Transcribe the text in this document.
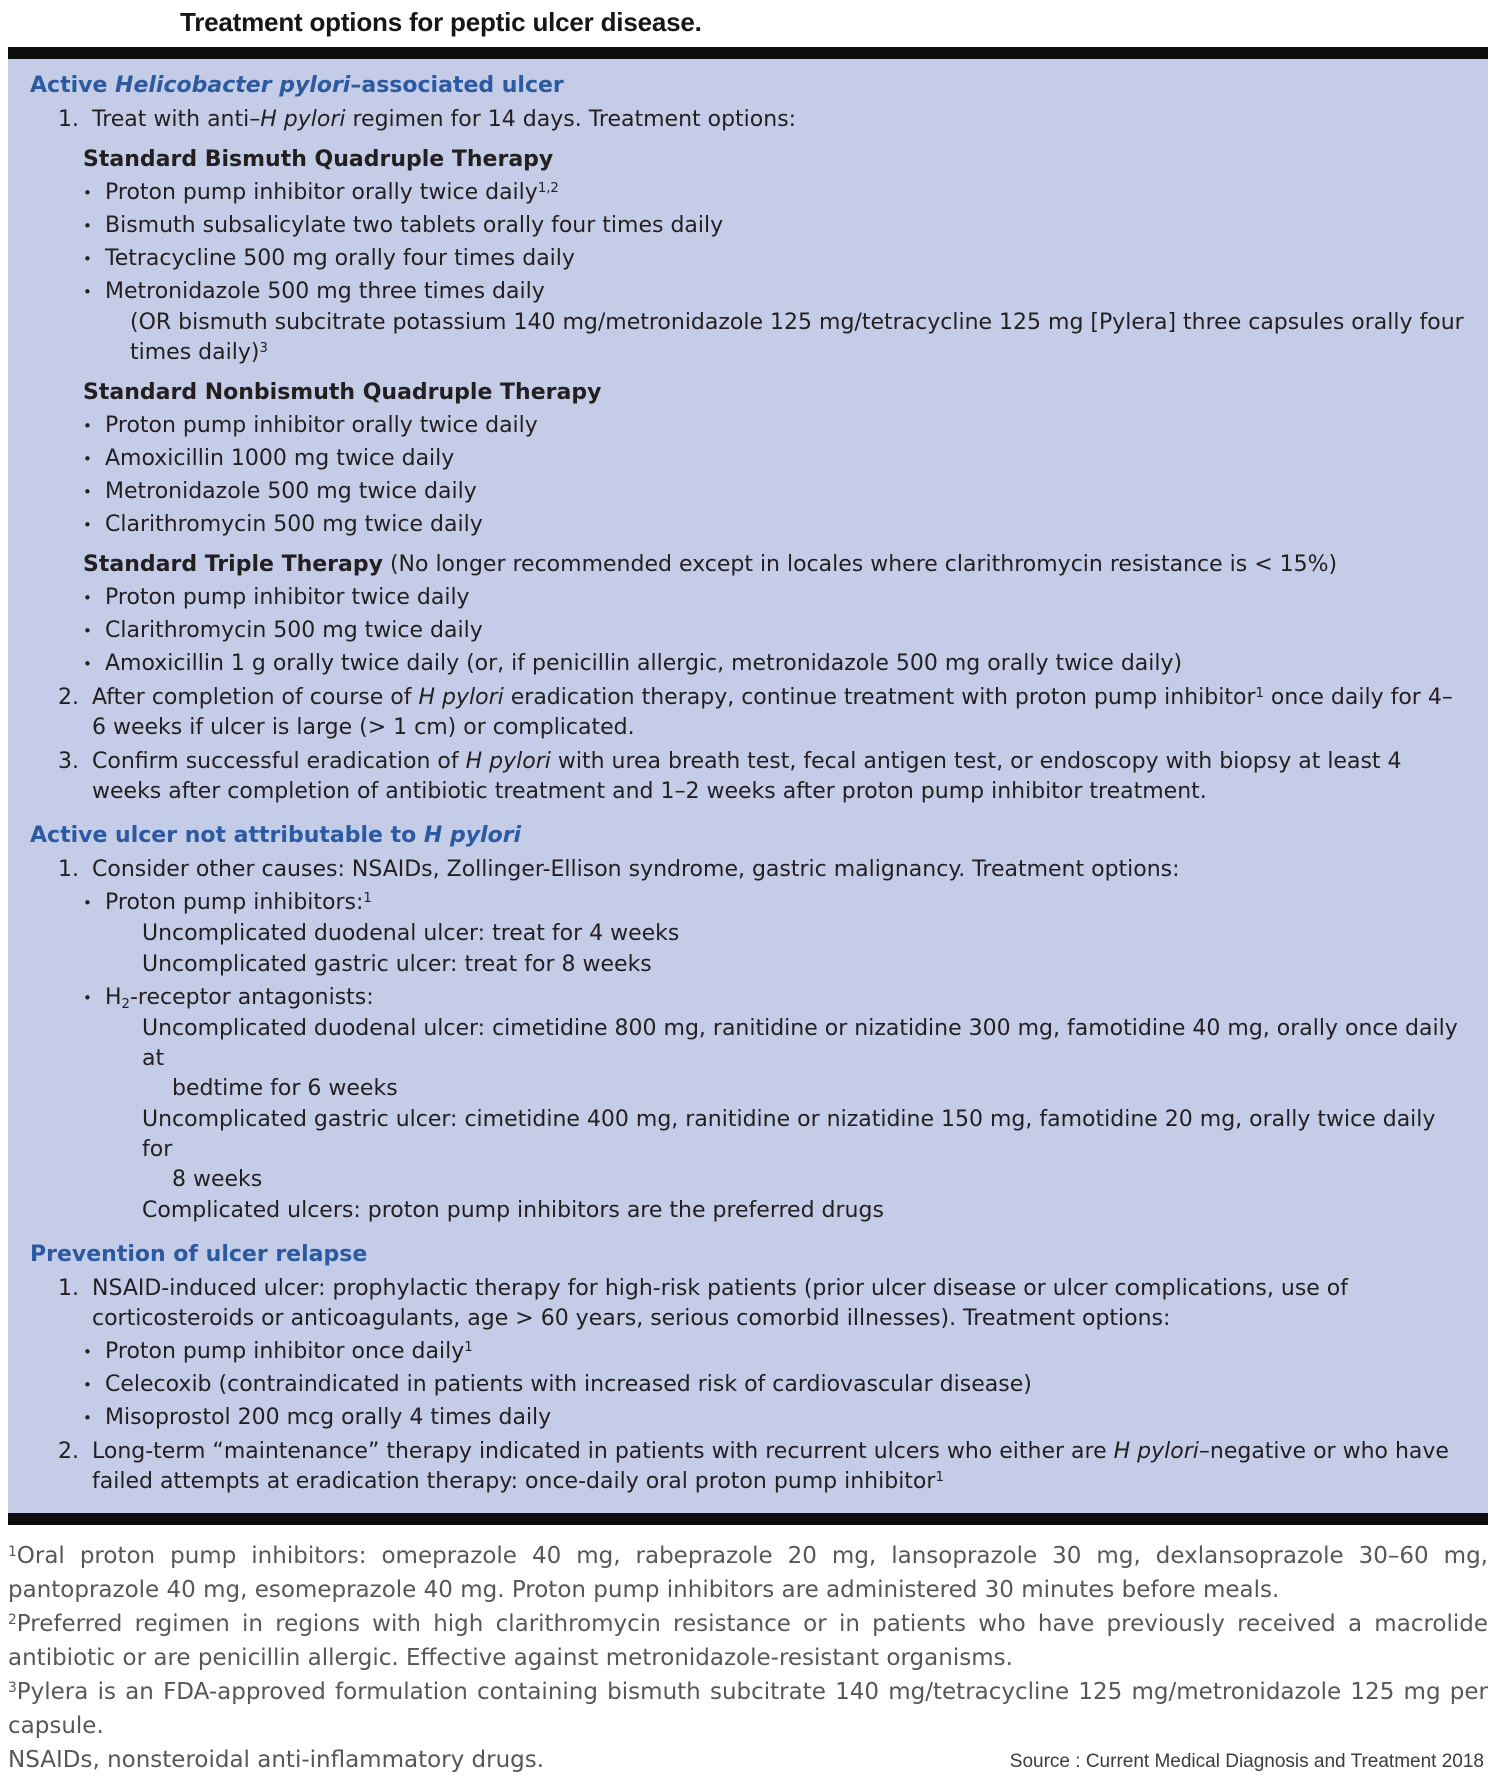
Treatment options for peptic ulcer disease.
Active Helicobacter pylori–associated ulcer
1. Treat with anti–H pylori regimen for 14 days. Treatment options:
Standard Bismuth Quadruple Therapy
• Proton pump inhibitor orally twice daily$^{1,2}$
• Bismuth subsalicylate two tablets orally four times daily
• Tetracycline 500 mg orally four times daily
• Metronidazole 500 mg three times daily
(OR bismuth subcitrate potassium 140 mg/metronidazole 125 mg/tetracycline 125 mg [Pylera] three capsules orally four times daily)$^3$
Standard Nonbismuth Quadruple Therapy
• Proton pump inhibitor orally twice daily
• Amoxicillin 1000 mg twice daily
• Metronidazole 500 mg twice daily
• Clarithromycin 500 mg twice daily
Standard Triple Therapy (No longer recommended except in locales where clarithromycin resistance is < 15%)
• Proton pump inhibitor twice daily
• Clarithromycin 500 mg twice daily
• Amoxicillin 1 g orally twice daily (or, if penicillin allergic, metronidazole 500 mg orally twice daily)
2. After completion of course of H pylori eradication therapy, continue treatment with proton pump inhibitor$^1$ once daily for 4–6 weeks if ulcer is large (> 1 cm) or complicated.
3. Confirm successful eradication of H pylori with urea breath test, fecal antigen test, or endoscopy with biopsy at least 4 weeks after completion of antibiotic treatment and 1–2 weeks after proton pump inhibitor treatment.
Active ulcer not attributable to H pylori
1. Consider other causes: NSAIDs, Zollinger-Ellison syndrome, gastric malignancy. Treatment options:
• Proton pump inhibitors:$^1$
Uncomplicated duodenal ulcer: treat for 4 weeks
Uncomplicated gastric ulcer: treat for 8 weeks
• H2-receptor antagonists:
Uncomplicated duodenal ulcer: cimetidine 800 mg, ranitidine or nizatidine 300 mg, famotidine 40 mg, orally once daily at
bedtime for 6 weeks
Uncomplicated gastric ulcer: cimetidine 400 mg, ranitidine or nizatidine 150 mg, famotidine 20 mg, orally twice daily for
8 weeks
Complicated ulcers: proton pump inhibitors are the preferred drugs
Prevention of ulcer relapse
1. NSAID-induced ulcer: prophylactic therapy for high-risk patients (prior ulcer disease or ulcer complications, use of corticosteroids or anticoagulants, age > 60 years, serious comorbid illnesses). Treatment options:
• Proton pump inhibitor once daily$^1$
• Celecoxib (contraindicated in patients with increased risk of cardiovascular disease)
• Misoprostol 200 mcg orally 4 times daily
2. Long-term “maintenance” therapy indicated in patients with recurrent ulcers who either are H pylori–negative or who have failed attempts at eradication therapy: once-daily oral proton pump inhibitor$^1$
$^1$Oral proton pump inhibitors: omeprazole 40 mg, rabeprazole 20 mg, lansoprazole 30 mg, dexlansoprazole 30–60 mg, pantoprazole 40 mg, esomeprazole 40 mg. Proton pump inhibitors are administered 30 minutes before meals.
$^2$Preferred regimen in regions with high clarithromycin resistance or in patients who have previously received a macrolide antibiotic or are penicillin allergic. Effective against metronidazole-resistant organisms.
$^3$Pylera is an FDA-approved formulation containing bismuth subcitrate 140 mg/tetracycline 125 mg/metronidazole 125 mg per capsule.
NSAIDs, nonsteroidal anti-inflammatory drugs.	Source : Current Medical Diagnosis and Treatment 2018
